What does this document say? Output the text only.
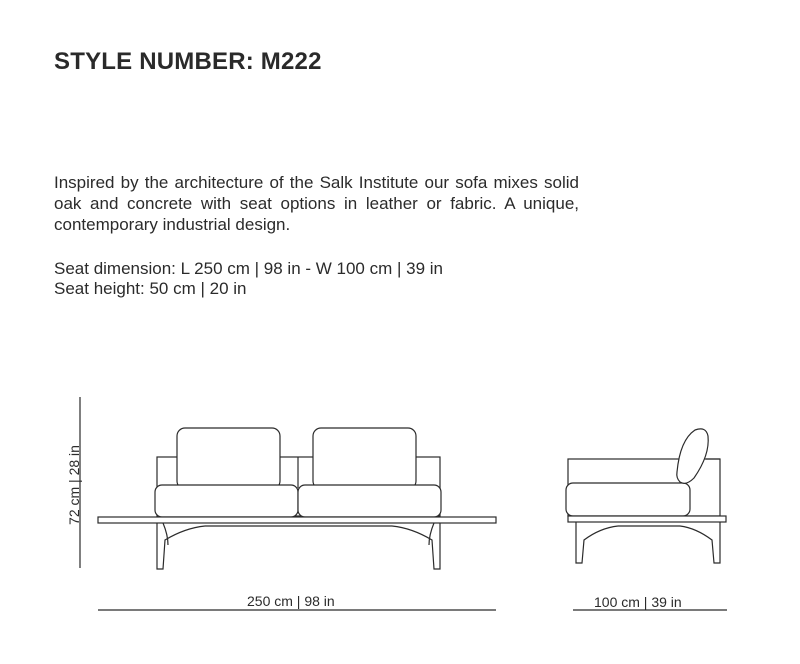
STYLE NUMBER: M222

Inspired by the architecture of the Salk Institute our sofa mixes solid oak and concrete with seat options in leather or fabric. A unique, contemporary industrial design.

Seat dimension: L 250 cm | 98 in - W 100 cm | 39 in
Seat height: 50 cm | 20 in
72 cm | 28 in
250 cm | 98 in	100 cm | 39 in
